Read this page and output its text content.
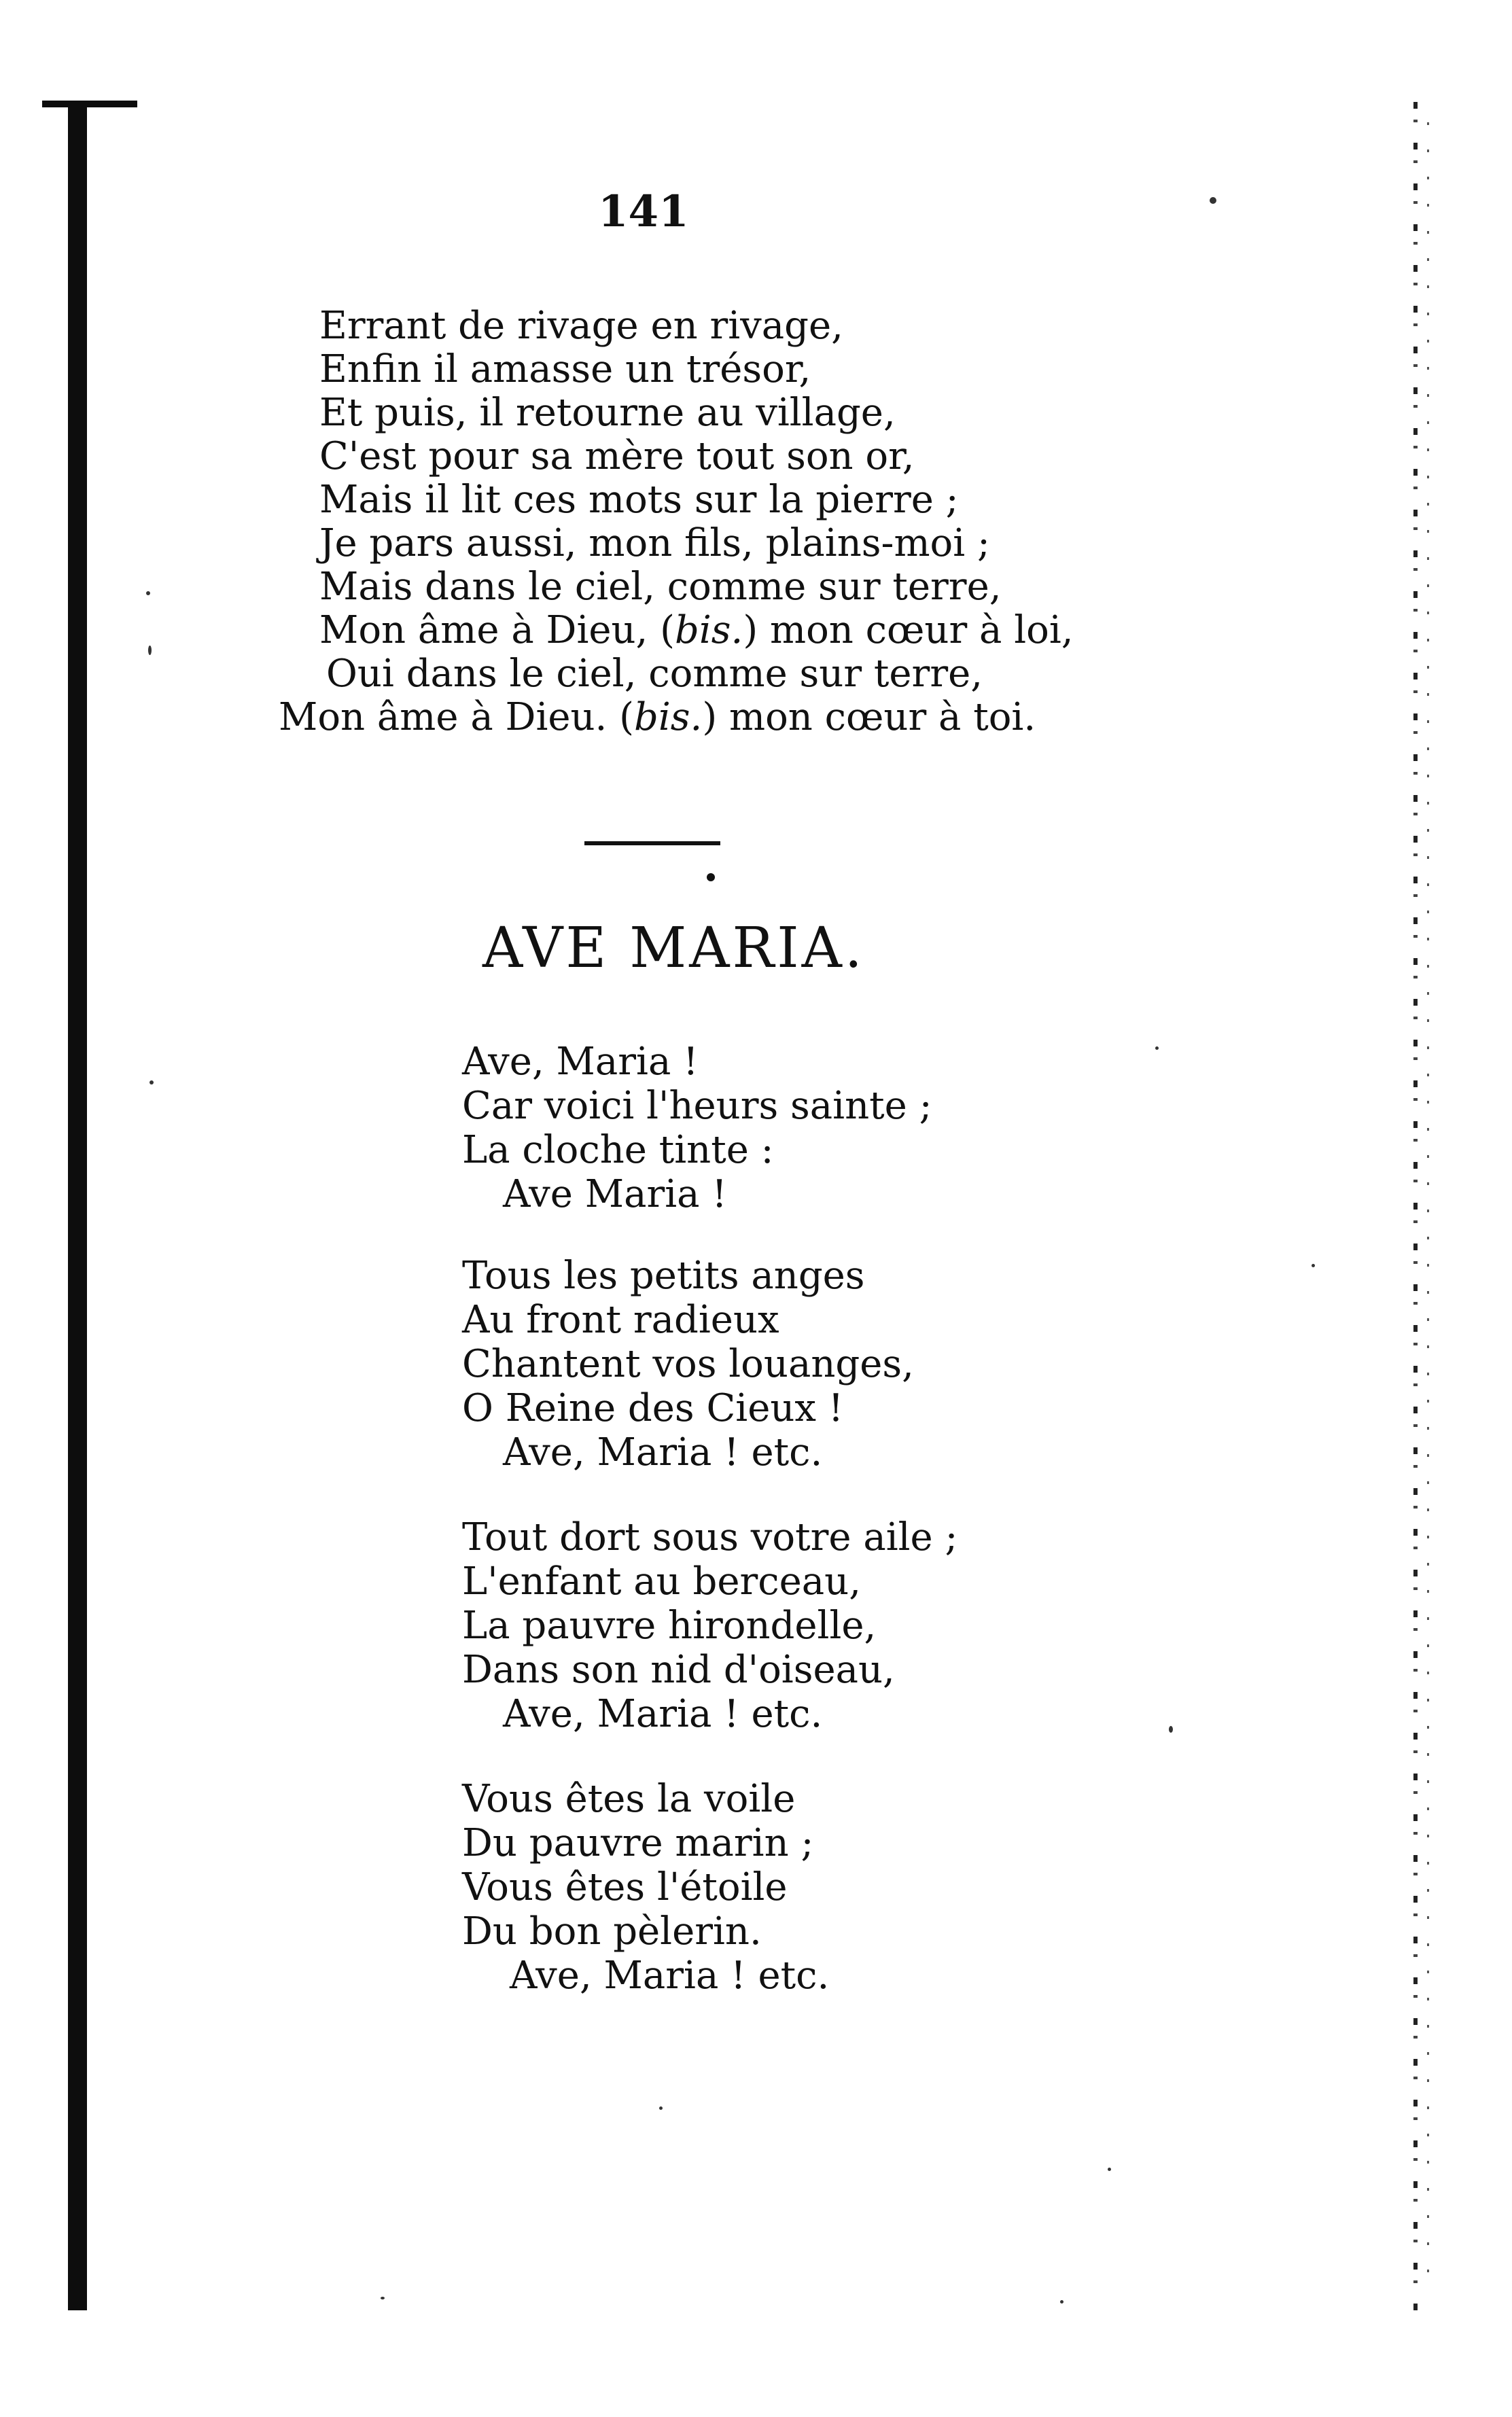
141
Errant de rivage en rivage,
Enfin il amasse un trésor,
Et puis, il retourne au village,
C'est pour sa mère tout son or,
Mais il lit ces mots sur la pierre ;
Je pars aussi, mon fils, plains-moi ;
Mais dans le ciel, comme sur terre,
Mon âme à Dieu, (bis.) mon cœur à loi,
Oui dans le ciel, comme sur terre,
Mon âme à Dieu. (bis.) mon cœur à toi.
AVE MARIA.
Ave, Maria !
Car voici l'heurs sainte ;
La cloche tinte :
Ave Maria !
Tous les petits anges
Au front radieux
Chantent vos louanges,
O Reine des Cieux !
Ave, Maria ! etc.
Tout dort sous votre aile ;
L'enfant au berceau,
La pauvre hirondelle,
Dans son nid d'oiseau,
Ave, Maria ! etc.
Vous êtes la voile
Du pauvre marin ;
Vous êtes l'étoile
Du bon pèlerin.
Ave, Maria ! etc.
